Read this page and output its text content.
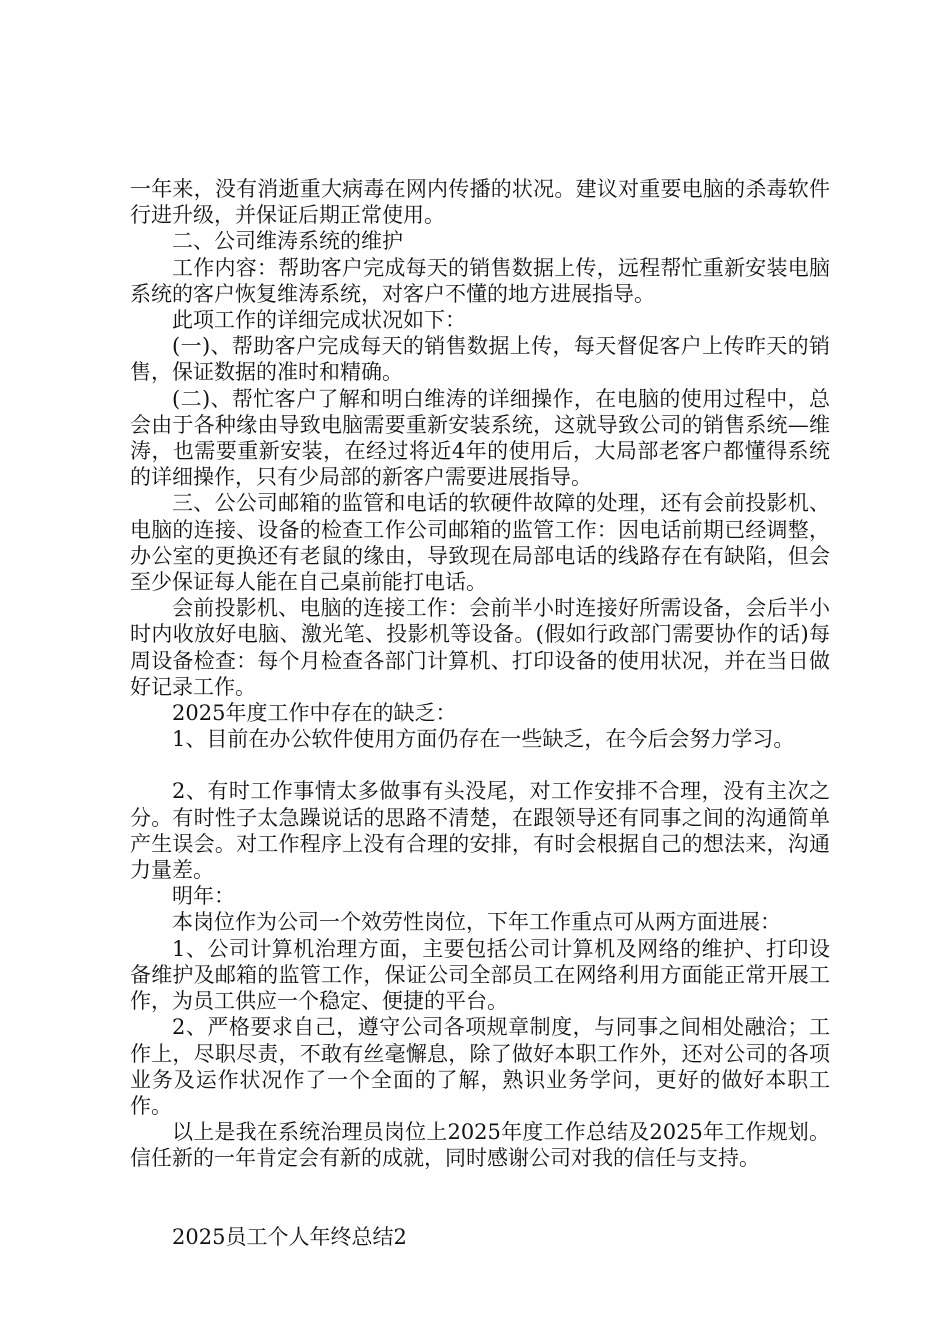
一年来，没有消逝重大病毒在网内传播的状况。建议对重要电脑的杀毒软件行进升级，并保证后期正常使用。

二、公司维涛系统的维护

工作内容：帮助客户完成每天的销售数据上传，远程帮忙重新安装电脑系统的客户恢复维涛系统，对客户不懂的地方进展指导。

此项工作的详细完成状况如下：

(一)、帮助客户完成每天的销售数据上传，每天督促客户上传昨天的销售，保证数据的准时和精确。

(二)、帮忙客户了解和明白维涛的详细操作，在电脑的使用过程中，总会由于各种缘由导致电脑需要重新安装系统，这就导致公司的销售系统—维涛，也需要重新安装，在经过将近4年的使用后，大局部老客户都懂得系统的详细操作，只有少局部的新客户需要进展指导。

三、公公司邮箱的监管和电话的软硬件故障的处理，还有会前投影机、电脑的连接、设备的检查工作公司邮箱的监管工作：因电话前期已经调整，办公室的更换还有老鼠的缘由，导致现在局部电话的线路存在有缺陷，但会至少保证每人能在自己桌前能打电话。

会前投影机、电脑的连接工作：会前半小时连接好所需设备，会后半小时内收放好电脑、激光笔、投影机等设备。(假如行政部门需要协作的话)每周设备检查：每个月检查各部门计算机、打印设备的使用状况，并在当日做好记录工作。

2025年度工作中存在的缺乏：

1、目前在办公软件使用方面仍存在一些缺乏，在今后会努力学习。

2、有时工作事情太多做事有头没尾，对工作安排不合理，没有主次之分。有时性子太急躁说话的思路不清楚，在跟领导还有同事之间的沟通简单产生误会。对工作程序上没有合理的安排，有时会根据自己的想法来，沟通力量差。

明年：

本岗位作为公司一个效劳性岗位，下年工作重点可从两方面进展：

1、公司计算机治理方面，主要包括公司计算机及网络的维护、打印设备维护及邮箱的监管工作，保证公司全部员工在网络利用方面能正常开展工作，为员工供应一个稳定、便捷的平台。

2、严格要求自己，遵守公司各项规章制度，与同事之间相处融洽；工作上，尽职尽责，不敢有丝毫懈息，除了做好本职工作外，还对公司的各项业务及运作状况作了一个全面的了解，熟识业务学问，更好的做好本职工作。

以上是我在系统治理员岗位上2025年度工作总结及2025年工作规划。信任新的一年肯定会有新的成就，同时感谢公司对我的信任与支持。

2025员工个人年终总结2
